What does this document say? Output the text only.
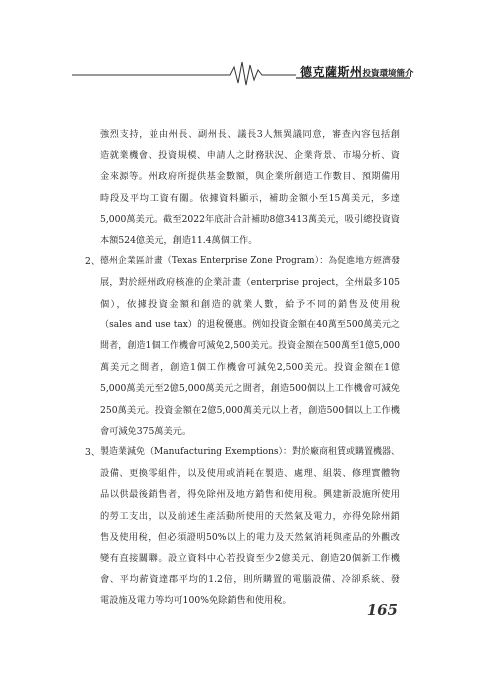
德克薩斯州投資環境簡介
強烈支持，並由州長、副州長、議長3人無異議同意，審查內容包括創
造就業機會、投資規模、申請人之財務狀況、企業背景、市場分析、資
金來源等。州政府所提供基金數額，與企業所創造工作數目、預期備用
時段及平均工資有關。依據資料顯示，補助金額小至15萬美元，多達
5,000萬美元。截至2022年底計合計補助8億3413萬美元，吸引總投資資
本額524億美元，創造11.4萬個工作。
2、 德州企業區計畫（Texas Enterprise Zone Program）：為促進地方經濟發
展，對於經州政府核准的企業計畫（enterprise project，全州最多105
個），依據投資金額和創造的就業人數，給予不同的銷售及使用稅
（sales and use tax）的退稅優惠。例如投資金額在40萬至500萬美元之
間者，創造1個工作機會可減免2,500美元。投資金額在500萬至1億5,000
萬美元之間者，創造1個工作機會可減免2,500美元。投資金額在1億
5,000萬美元至2億5,000萬美元之間者，創造500個以上工作機會可減免
250萬美元。投資金額在2億5,000萬美元以上者，創造500個以上工作機
會可減免375萬美元。
3、 製造業減免（Manufacturing Exemptions）：對於廠商租賃或購置機器、
設備、更換零組件，以及使用或消耗在製造、處理、組裝、修理實體物
品以供最後銷售者，得免除州及地方銷售和使用稅。興建新設施所使用
的勞工支出，以及前述生產活動所使用的天然氣及電力，亦得免除州銷
售及使用稅，但必須證明50%以上的電力及天然氣消耗與產品的外觀改
變有直接關聯。設立資料中心若投資至少2億美元、創造20個新工作機
會、平均薪資達郡平均的1.2倍，則所購置的電腦設備、冷卻系統、發
電設施及電力等均可100%免除銷售和使用稅。
165
